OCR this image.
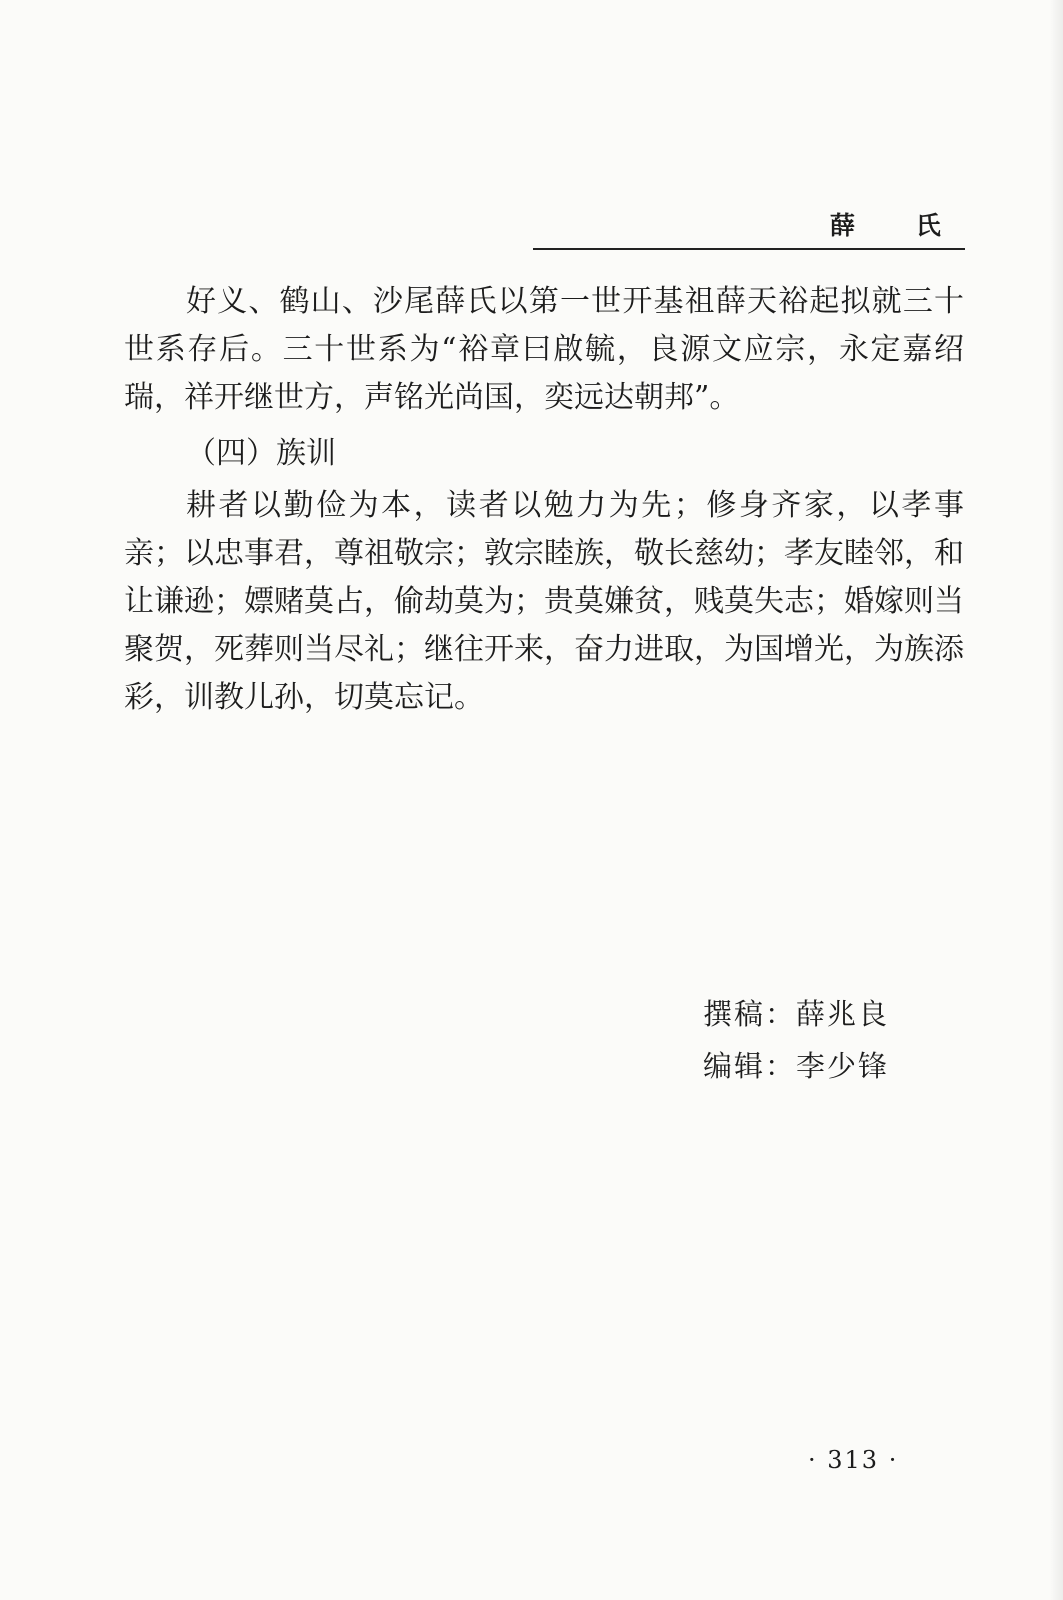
薛 氏

好义、鹤山、沙尾薛氏以第一世开基祖薛天裕起拟就三十世系存后。三十世系为“裕章曰啟毓，良源文应宗，永定嘉绍瑞，祥开继世方，声铭光尚国，奕远达朝邦”。

（四）族训

耕者以勤俭为本，读者以勉力为先；修身齐家，以孝事亲；以忠事君，尊祖敬宗；敦宗睦族，敬长慈幼；孝友睦邻，和让谦逊；嫖赌莫占，偷劫莫为；贵莫嫌贫，贱莫失志；婚嫁则当聚贺，死葬则当尽礼；继往开来，奋力进取，为国增光，为族添彩，训教儿孙，切莫忘记。

撰稿：薛兆良
编辑：李少锋
· 313 ·
